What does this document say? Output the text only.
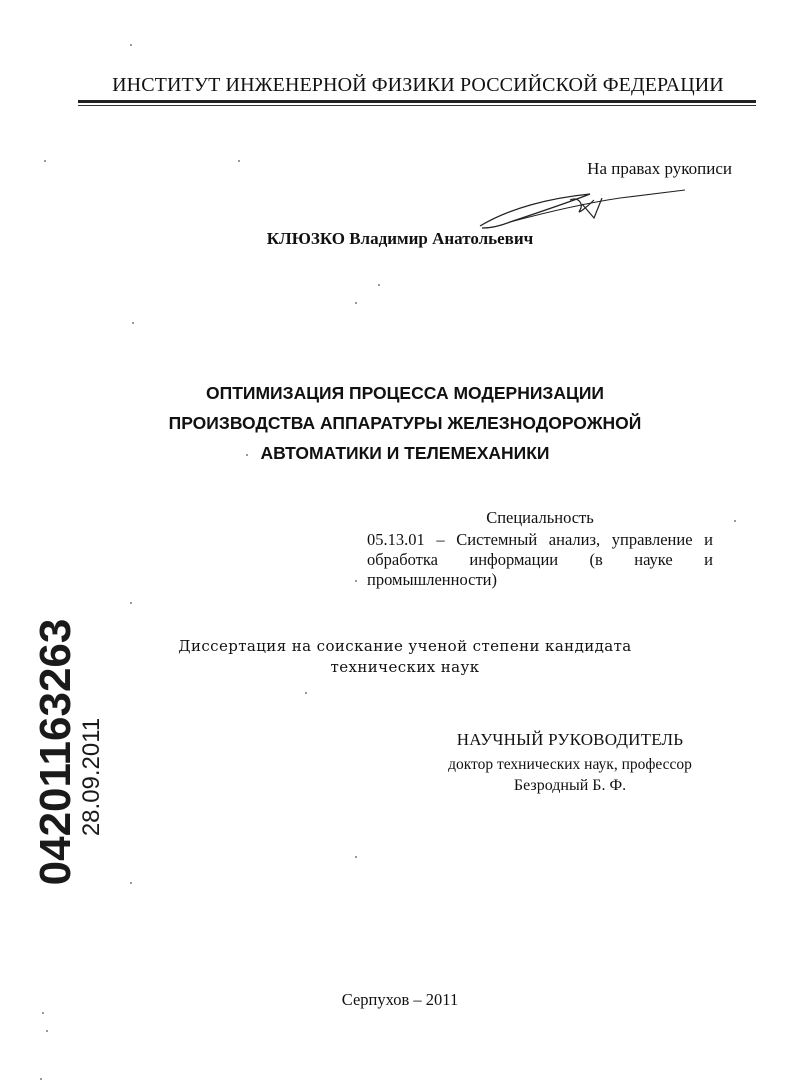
ИНСТИТУТ ИНЖЕНЕРНОЙ ФИЗИКИ РОССИЙСКОЙ ФЕДЕРАЦИИ
На правах рукописи
КЛЮЗКО Владимир Анатольевич
ОПТИМИЗАЦИЯ ПРОЦЕССА МОДЕРНИЗАЦИИ
ПРОИЗВОДСТВА АППАРАТУРЫ ЖЕЛЕЗНОДОРОЖНОЙ
АВТОМАТИКИ И ТЕЛЕМЕХАНИКИ
Специальность
05.13.01 – Системный анализ, управление и
обработка информации (в науке и
промышленности)
Диссертация на соискание ученой степени кандидата
технических наук
НАУЧНЫЙ РУКОВОДИТЕЛЬ
доктор технических наук, профессор
Безродный Б. Ф.
Серпухов – 2011
04201163263
28.09.2011
